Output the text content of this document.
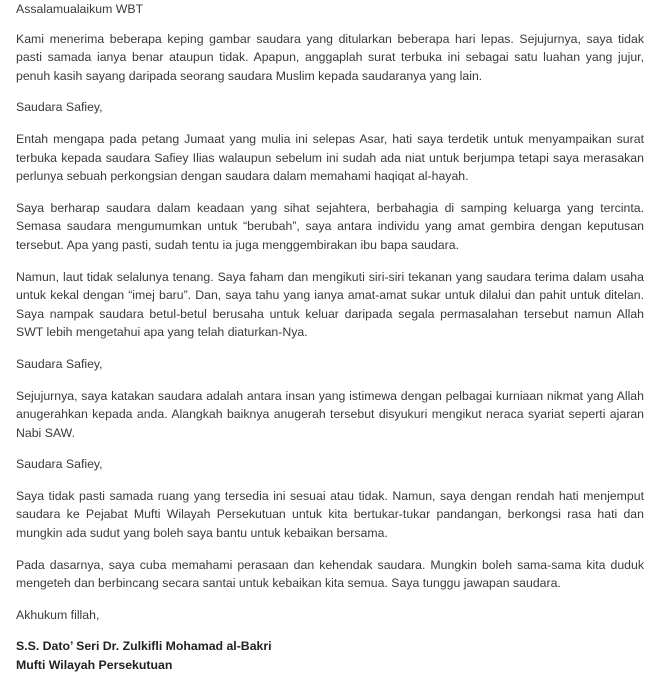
Assalamualaikum WBT

Kami menerima beberapa keping gambar saudara yang ditularkan beberapa hari lepas. Sejujurnya, saya tidak pasti samada ianya benar ataupun tidak. Apapun, anggaplah surat terbuka ini sebagai satu luahan yang jujur, penuh kasih sayang daripada seorang saudara Muslim kepada saudaranya yang lain.

Saudara Safiey,

Entah mengapa pada petang Jumaat yang mulia ini selepas Asar, hati saya terdetik untuk menyampaikan surat terbuka kepada saudara Safiey Ilias walaupun sebelum ini sudah ada niat untuk berjumpa tetapi saya merasakan perlunya sebuah perkongsian dengan saudara dalam memahami haqiqat al-hayah.

Saya berharap saudara dalam keadaan yang sihat sejahtera, berbahagia di samping keluarga yang tercinta. Semasa saudara mengumumkan untuk “berubah”, saya antara individu yang amat gembira dengan keputusan tersebut. Apa yang pasti, sudah tentu ia juga menggembirakan ibu bapa saudara.

Namun, laut tidak selalunya tenang. Saya faham dan mengikuti siri-siri tekanan yang saudara terima dalam usaha untuk kekal dengan “imej baru”. Dan, saya tahu yang ianya amat-amat sukar untuk dilalui dan pahit untuk ditelan. Saya nampak saudara betul-betul berusaha untuk keluar daripada segala permasalahan tersebut namun Allah SWT lebih mengetahui apa yang telah diaturkan-Nya.

Saudara Safiey,

Sejujurnya, saya katakan saudara adalah antara insan yang istimewa dengan pelbagai kurniaan nikmat yang Allah anugerahkan kepada anda. Alangkah baiknya anugerah tersebut disyukuri mengikut neraca syariat seperti ajaran Nabi SAW.

Saudara Safiey,

Saya tidak pasti samada ruang yang tersedia ini sesuai atau tidak. Namun, saya dengan rendah hati menjemput saudara ke Pejabat Mufti Wilayah Persekutuan untuk kita bertukar-tukar pandangan, berkongsi rasa hati dan mungkin ada sudut yang boleh saya bantu untuk kebaikan bersama.

Pada dasarnya, saya cuba memahami perasaan dan kehendak saudara. Mungkin boleh sama-sama kita duduk mengeteh dan berbincang secara santai untuk kebaikan kita semua. Saya tunggu jawapan saudara.

Akhukum fillah,

S.S. Dato’ Seri Dr. Zulkifli Mohamad al-Bakri

Mufti Wilayah Persekutuan
